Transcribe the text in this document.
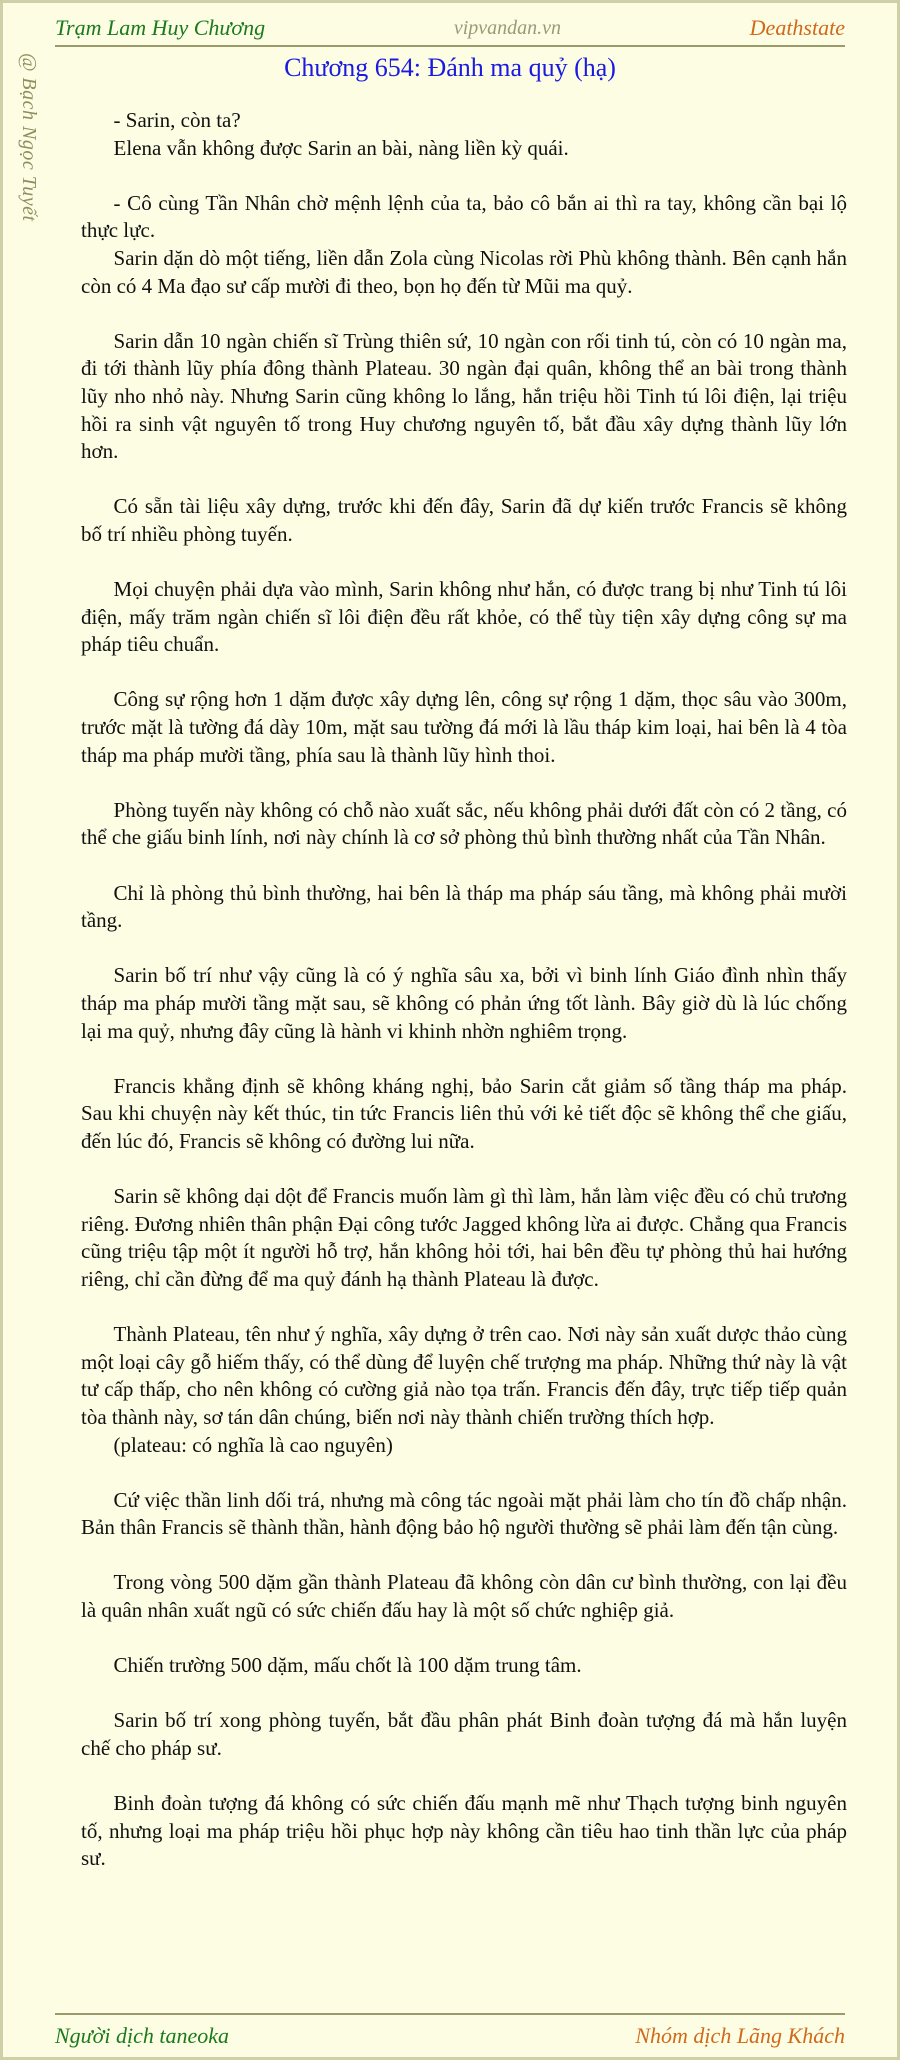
Trạm Lam Huy Chương	vipvandan.vn	Deathstate
@ Bạch Ngọc Tuyết	Chương 654: Đánh ma quỷ (hạ)

- Sarin, còn ta?
Elena vẫn không được Sarin an bài, nàng liền kỳ quái.

- Cô cùng Tần Nhân chờ mệnh lệnh của ta, bảo cô bắn ai thì ra tay, không cần bại lộ thực lực.
Sarin dặn dò một tiếng, liền dẫn Zola cùng Nicolas rời Phù không thành. Bên cạnh hắn còn có 4 Ma đạo sư cấp mười đi theo, bọn họ đến từ Mũi ma quỷ.

Sarin dẫn 10 ngàn chiến sĩ Trùng thiên sứ, 10 ngàn con rối tinh tú, còn có 10 ngàn ma, đi tới thành lũy phía đông thành Plateau. 30 ngàn đại quân, không thể an bài trong thành lũy nho nhỏ này. Nhưng Sarin cũng không lo lắng, hắn triệu hồi Tinh tú lôi điện, lại triệu hồi ra sinh vật nguyên tố trong Huy chương nguyên tố, bắt đầu xây dựng thành lũy lớn hơn.

Có sẵn tài liệu xây dựng, trước khi đến đây, Sarin đã dự kiến trước Francis sẽ không bố trí nhiều phòng tuyến.

Mọi chuyện phải dựa vào mình, Sarin không như hắn, có được trang bị như Tinh tú lôi điện, mấy trăm ngàn chiến sĩ lôi điện đều rất khỏe, có thể tùy tiện xây dựng công sự ma pháp tiêu chuẩn.

Công sự rộng hơn 1 dặm được xây dựng lên, công sự rộng 1 dặm, thọc sâu vào 300m, trước mặt là tường đá dày 10m, mặt sau tường đá mới là lầu tháp kim loại, hai bên là 4 tòa tháp ma pháp mười tầng, phía sau là thành lũy hình thoi.

Phòng tuyến này không có chỗ nào xuất sắc, nếu không phải dưới đất còn có 2 tầng, có thể che giấu binh lính, nơi này chính là cơ sở phòng thủ bình thường nhất của Tần Nhân.

Chỉ là phòng thủ bình thường, hai bên là tháp ma pháp sáu tầng, mà không phải mười tầng.

Sarin bố trí như vậy cũng là có ý nghĩa sâu xa, bởi vì binh lính Giáo đình nhìn thấy tháp ma pháp mười tầng mặt sau, sẽ không có phản ứng tốt lành. Bây giờ dù là lúc chống lại ma quỷ, nhưng đây cũng là hành vi khinh nhờn nghiêm trọng.

Francis khẳng định sẽ không kháng nghị, bảo Sarin cắt giảm số tầng tháp ma pháp. Sau khi chuyện này kết thúc, tin tức Francis liên thủ với kẻ tiết độc sẽ không thể che giấu, đến lúc đó, Francis sẽ không có đường lui nữa.

Sarin sẽ không dại dột để Francis muốn làm gì thì làm, hắn làm việc đều có chủ trương riêng. Đương nhiên thân phận Đại công tước Jagged không lừa ai được. Chẳng qua Francis cũng triệu tập một ít người hỗ trợ, hắn không hỏi tới, hai bên đều tự phòng thủ hai hướng riêng, chỉ cần đừng để ma quỷ đánh hạ thành Plateau là được.

Thành Plateau, tên như ý nghĩa, xây dựng ở trên cao. Nơi này sản xuất dược thảo cùng một loại cây gỗ hiếm thấy, có thể dùng để luyện chế trượng ma pháp. Những thứ này là vật tư cấp thấp, cho nên không có cường giả nào tọa trấn. Francis đến đây, trực tiếp tiếp quản tòa thành này, sơ tán dân chúng, biến nơi này thành chiến trường thích hợp.
(plateau: có nghĩa là cao nguyên)

Cứ việc thần linh dối trá, nhưng mà công tác ngoài mặt phải làm cho tín đồ chấp nhận. Bản thân Francis sẽ thành thần, hành động bảo hộ người thường sẽ phải làm đến tận cùng.

Trong vòng 500 dặm gần thành Plateau đã không còn dân cư bình thường, con lại đều là quân nhân xuất ngũ có sức chiến đấu hay là một số chức nghiệp giả.

Chiến trường 500 dặm, mấu chốt là 100 dặm trung tâm.

Sarin bố trí xong phòng tuyến, bắt đầu phân phát Binh đoàn tượng đá mà hắn luyện chế cho pháp sư.

Binh đoàn tượng đá không có sức chiến đấu mạnh mẽ như Thạch tượng binh nguyên tố, nhưng loại ma pháp triệu hồi phục hợp này không cần tiêu hao tinh thần lực của pháp sư.

Người dịch taneoka	Nhóm dịch Lãng Khách
